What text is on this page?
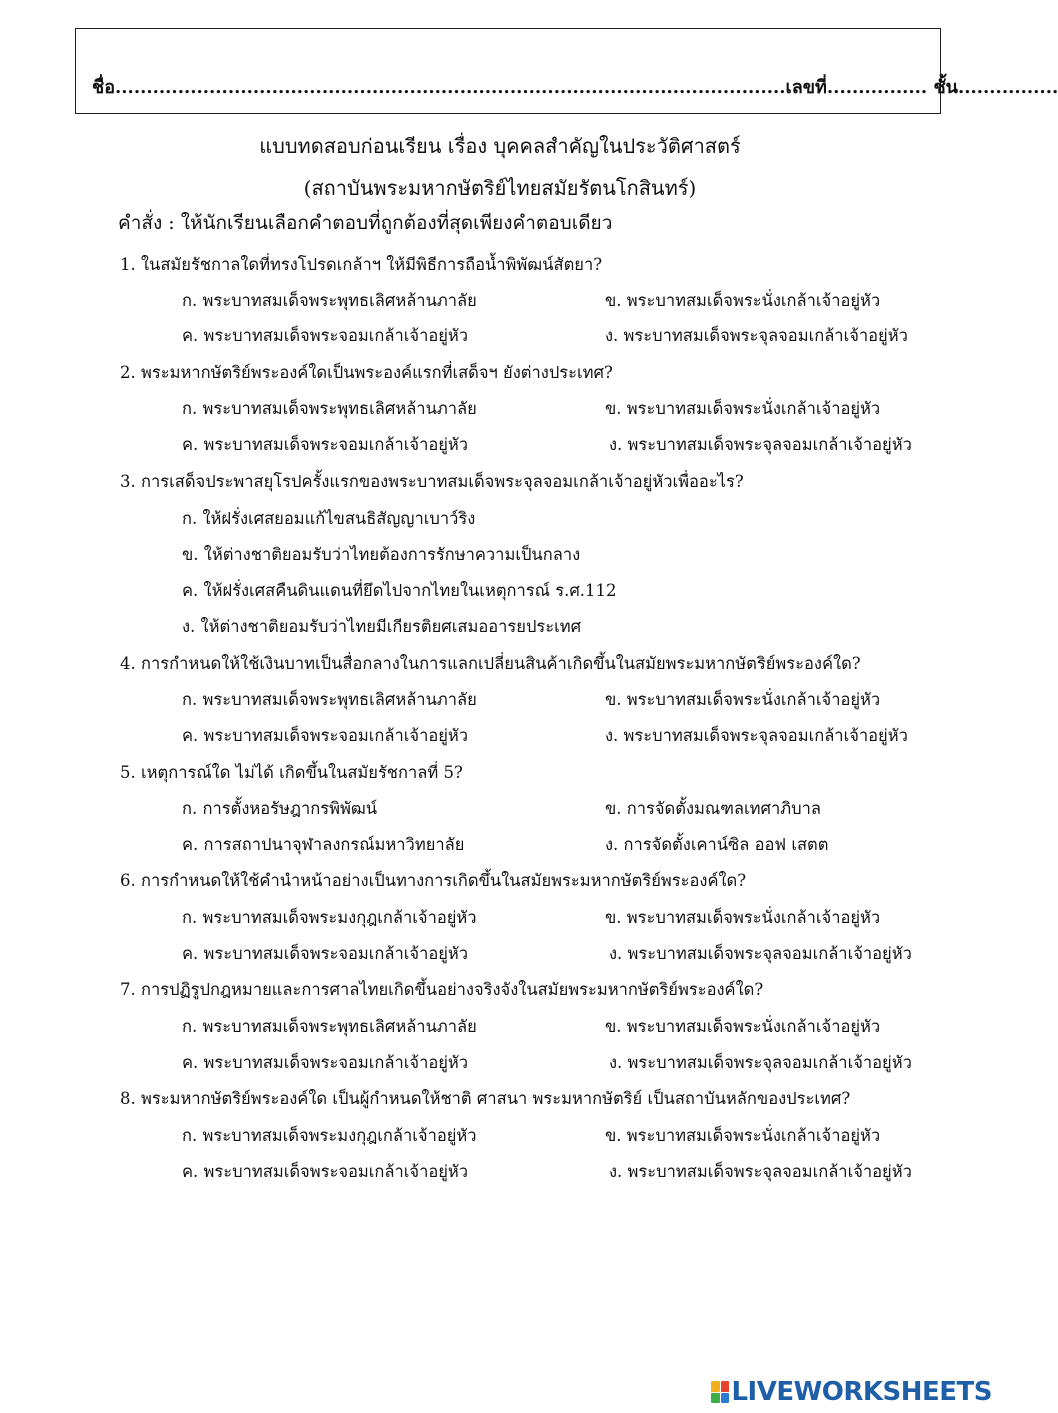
ชื่อ...........................................................................................................เลขที่................ ชั้น................
แบบทดสอบก่อนเรียน เรื่อง บุคคลสำคัญในประวัติศาสตร์
(สถาบันพระมหากษัตริย์ไทยสมัยรัตนโกสินทร์)
คำสั่ง : ให้นักเรียนเลือกคำตอบที่ถูกต้องที่สุดเพียงคำตอบเดียว
1. ในสมัยรัชกาลใดที่ทรงโปรดเกล้าฯ ให้มีพิธีการถือน้ำพิพัฒน์สัตยา?
ก. พระบาทสมเด็จพระพุทธเลิศหล้านภาลัย	ข. พระบาทสมเด็จพระนั่งเกล้าเจ้าอยู่หัว
ค. พระบาทสมเด็จพระจอมเกล้าเจ้าอยู่หัว	ง. พระบาทสมเด็จพระจุลจอมเกล้าเจ้าอยู่หัว
2. พระมหากษัตริย์พระองค์ใดเป็นพระองค์แรกที่เสด็จฯ ยังต่างประเทศ?
ก. พระบาทสมเด็จพระพุทธเลิศหล้านภาลัย	ข. พระบาทสมเด็จพระนั่งเกล้าเจ้าอยู่หัว
ค. พระบาทสมเด็จพระจอมเกล้าเจ้าอยู่หัว	ง. พระบาทสมเด็จพระจุลจอมเกล้าเจ้าอยู่หัว
3. การเสด็จประพาสยุโรปครั้งแรกของพระบาทสมเด็จพระจุลจอมเกล้าเจ้าอยู่หัวเพื่ออะไร?
ก. ให้ฝรั่งเศสยอมแก้ไขสนธิสัญญาเบาว์ริง
ข. ให้ต่างชาติยอมรับว่าไทยต้องการรักษาความเป็นกลาง
ค. ให้ฝรั่งเศสคืนดินแดนที่ยึดไปจากไทยในเหตุการณ์ ร.ศ.112
ง. ให้ต่างชาติยอมรับว่าไทยมีเกียรติยศเสมออารยประเทศ
4. การกำหนดให้ใช้เงินบาทเป็นสื่อกลางในการแลกเปลี่ยนสินค้าเกิดขึ้นในสมัยพระมหากษัตริย์พระองค์ใด?
ก. พระบาทสมเด็จพระพุทธเลิศหล้านภาลัย	ข. พระบาทสมเด็จพระนั่งเกล้าเจ้าอยู่หัว
ค. พระบาทสมเด็จพระจอมเกล้าเจ้าอยู่หัว	ง. พระบาทสมเด็จพระจุลจอมเกล้าเจ้าอยู่หัว
5. เหตุการณ์ใด ไม่ได้ เกิดขึ้นในสมัยรัชกาลที่ 5?
ก. การตั้งหอรัษฎากรพิพัฒน์	ข. การจัดตั้งมณฑลเทศาภิบาล
ค. การสถาปนาจุฬาลงกรณ์มหาวิทยาลัย	ง. การจัดตั้งเคาน์ซิล ออฟ เสตต
6. การกำหนดให้ใช้คำนำหน้าอย่างเป็นทางการเกิดขึ้นในสมัยพระมหากษัตริย์พระองค์ใด?
ก. พระบาทสมเด็จพระมงกุฎเกล้าเจ้าอยู่หัว	ข. พระบาทสมเด็จพระนั่งเกล้าเจ้าอยู่หัว
ค. พระบาทสมเด็จพระจอมเกล้าเจ้าอยู่หัว	ง. พระบาทสมเด็จพระจุลจอมเกล้าเจ้าอยู่หัว
7. การปฏิรูปกฎหมายและการศาลไทยเกิดขึ้นอย่างจริงจังในสมัยพระมหากษัตริย์พระองค์ใด?
ก. พระบาทสมเด็จพระพุทธเลิศหล้านภาลัย	ข. พระบาทสมเด็จพระนั่งเกล้าเจ้าอยู่หัว
ค. พระบาทสมเด็จพระจอมเกล้าเจ้าอยู่หัว	ง. พระบาทสมเด็จพระจุลจอมเกล้าเจ้าอยู่หัว
8. พระมหากษัตริย์พระองค์ใด เป็นผู้กำหนดให้ชาติ ศาสนา พระมหากษัตริย์ เป็นสถาบันหลักของประเทศ?
ก. พระบาทสมเด็จพระมงกุฎเกล้าเจ้าอยู่หัว	ข. พระบาทสมเด็จพระนั่งเกล้าเจ้าอยู่หัว
ค. พระบาทสมเด็จพระจอมเกล้าเจ้าอยู่หัว	ง. พระบาทสมเด็จพระจุลจอมเกล้าเจ้าอยู่หัว
LIVEWORKSHEETS
